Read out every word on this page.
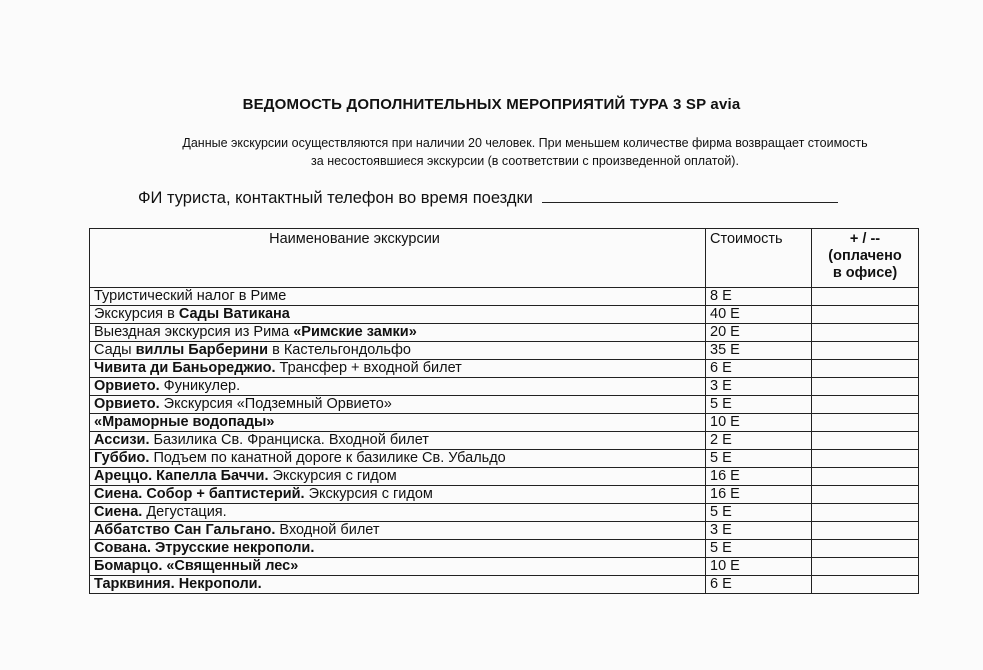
ВЕДОМОСТЬ ДОПОЛНИТЕЛЬНЫХ МЕРОПРИЯТИЙ ТУРА 3 SP avia
Данные экскурсии осуществляются при наличии 20 человек. При меньшем количестве фирма возвращает стоимость
за несостоявшиеся экскурсии (в соответствии с произведенной оплатой).
ФИ туриста, контактный телефон во время поездки
Наименование экскурсии	Стоимость	+ / --
(оплачено
в офисе)

Туристический налог в Риме	8 Е	
Экскурсия в Сады Ватикана	40 Е	
Выездная экскурсия из Рима «Римские замки»	20 Е	
Сады виллы Барберини в Кастельгондольфо	35 Е	
Чивита ди Баньореджио. Трансфер + входной билет	6 Е	
Орвието. Фуникулер.	3 Е	
Орвието. Экскурсия «Подземный Орвието»	5 Е	
«Мраморные водопады»	10 Е	
Ассизи. Базилика Св. Франциска. Входной билет	2 Е	
Губбио. Подъем по канатной дороге к базилике Св. Убальдо	5 Е	
Ареццо. Капелла Баччи. Экскурсия с гидом	16 Е	
Сиена. Собор + баптистерий. Экскурсия с гидом	16 Е	
Сиена. Дегустация.	5 Е	
Аббатство Сан Гальгано. Входной билет	3 Е	
Сована. Этрусские некрополи.	5 Е	
Бомарцо. «Священный лес»	10 Е	
Тарквиния. Некрополи.	6 Е	
